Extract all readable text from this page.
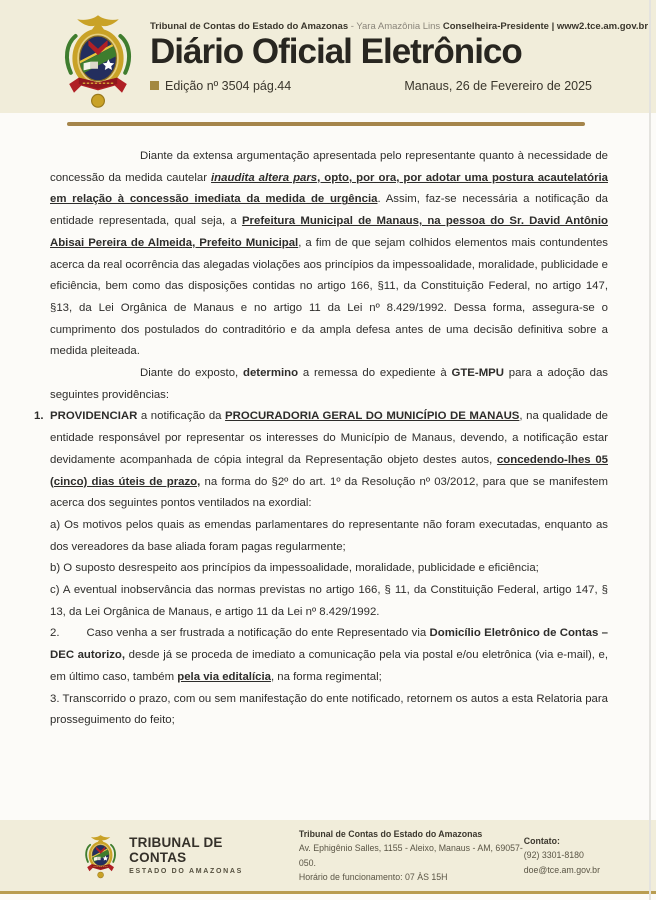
Tribunal de Contas do Estado do Amazonas - Yara Amazônia Lins Conselheira-Presidente | www2.tce.am.gov.br
Diário Oficial Eletrônico
Edição nº 3504 pág.44	Manaus, 26 de Fevereiro de 2025

Diante da extensa argumentação apresentada pelo representante quanto à necessidade de concessão da medida cautelar inaudita altera pars, opto, por ora, por adotar uma postura acautelatória em relação à concessão imediata da medida de urgência. Assim, faz-se necessária a notificação da entidade representada, qual seja, a Prefeitura Municipal de Manaus, na pessoa do Sr. David Antônio Abisai Pereira de Almeida, Prefeito Municipal, a fim de que sejam colhidos elementos mais contundentes acerca da real ocorrência das alegadas violações aos princípios da impessoalidade, moralidade, publicidade e eficiência, bem como das disposições contidas no artigo 166, §11, da Constituição Federal, no artigo 147, §13, da Lei Orgânica de Manaus e no artigo 11 da Lei nº 8.429/1992. Dessa forma, assegura-se o cumprimento dos postulados do contraditório e da ampla defesa antes de uma decisão definitiva sobre a medida pleiteada.

Diante do exposto, determino a remessa do expediente à GTE-MPU para a adoção das seguintes providências:

1. PROVIDENCIAR a notificação da PROCURADORIA GERAL DO MUNICÍPIO DE MANAUS, na qualidade de entidade responsável por representar os interesses do Município de Manaus, devendo, a notificação estar devidamente acompanhada de cópia integral da Representação objeto destes autos, concedendo-lhes 05 (cinco) dias úteis de prazo, na forma do §2º do art. 1º da Resolução nº 03/2012, para que se manifestem acerca dos seguintes pontos ventilados na exordial:

a) Os motivos pelos quais as emendas parlamentares do representante não foram executadas, enquanto as dos vereadores da base aliada foram pagas regularmente;

b) O suposto desrespeito aos princípios da impessoalidade, moralidade, publicidade e eficiência;

c) A eventual inobservância das normas previstas no artigo 166, § 11, da Constituição Federal, artigo 147, § 13, da Lei Orgânica de Manaus, e artigo 11 da Lei nº 8.429/1992.

2. Caso venha a ser frustrada a notificação do ente Representado via Domicílio Eletrônico de Contas – DEC autorizo, desde já se proceda de imediato a comunicação pela via postal e/ou eletrônica (via e-mail), e, em último caso, também pela via editalícia, na forma regimental;

3. Transcorrido o prazo, com ou sem manifestação do ente notificado, retornem os autos a esta Relatoria para prosseguimento do feito;

TRIBUNAL DE CONTAS
ESTADO DO AMAZONAS
Tribunal de Contas do Estado do Amazonas
Av. Ephigênio Salles, 1155 - Aleixo, Manaus - AM, 69057-050.
Horário de funcionamento: 07 ÀS 15H
Contato:
(92) 3301-8180
doe@tce.am.gov.br
